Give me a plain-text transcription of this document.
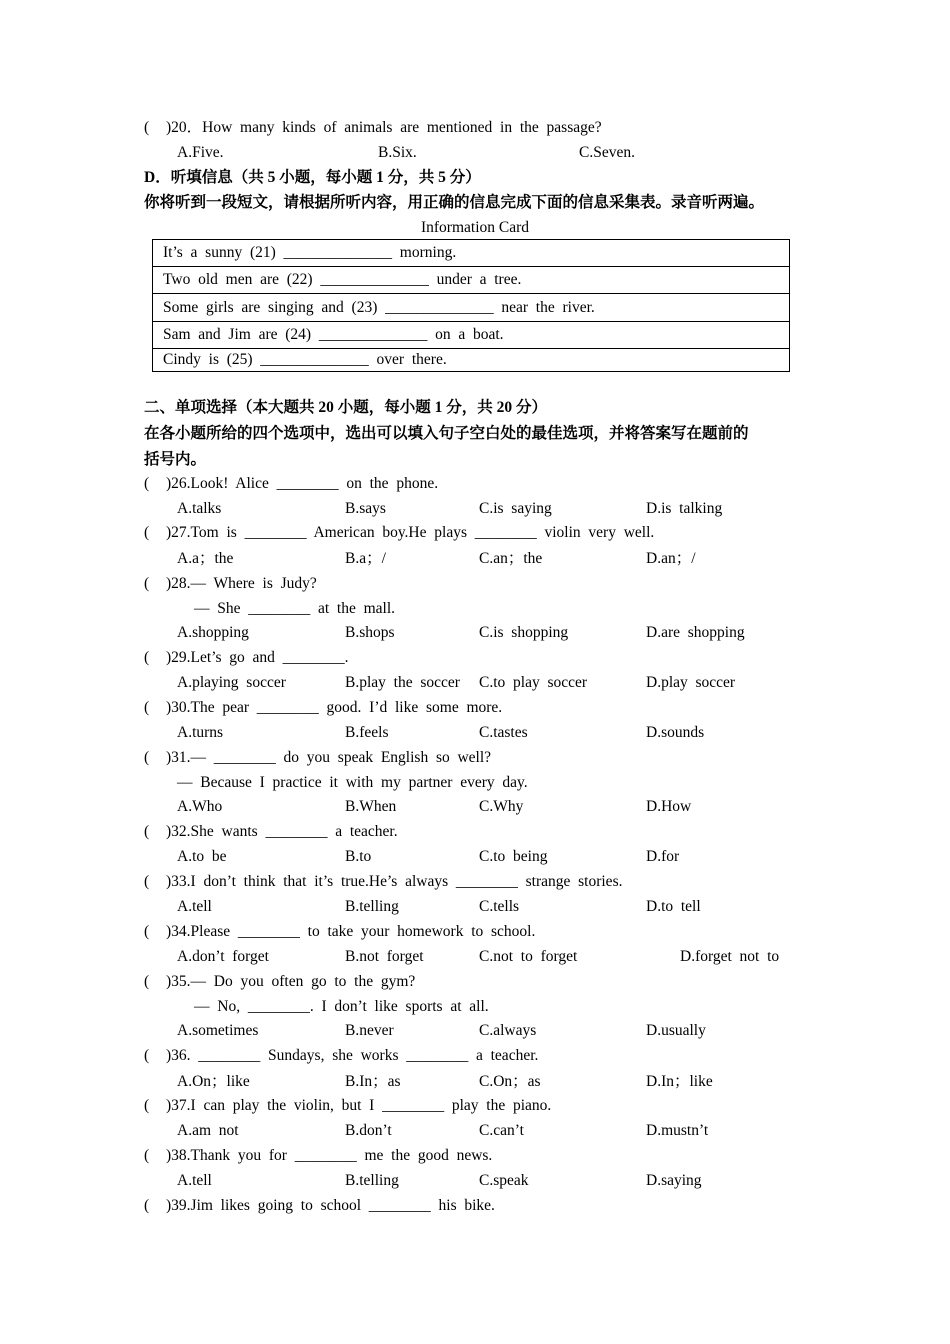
( )20．How  many  kinds  of  animals  are  mentioned  in  the  passage?
A.Five.	B.Six.	C.Seven.
D．听填信息（共 5 小题，每小题 1 分，共 5 分）
你将听到一段短文，请根据所听内容，用正确的信息完成下面的信息采集表。录音听两遍。
Information Card
It’s  a  sunny  (21)  ______________  morning.
Two  old  men  are  (22)  ______________  under  a  tree.
Some  girls  are  singing  and  (23)  ______________  near  the  river.
Sam  and  Jim  are  (24)  ______________  on  a  boat.
Cindy  is  (25)  ______________  over  there.
二、单项选择（本大题共 20 小题，每小题 1 分，共 20 分）
在各小题所给的四个选项中，选出可以填入句子空白处的最佳选项，并将答案写在题前的
括号内。
( )26.Look!  Alice  ________  on  the  phone.
A.talks	B.says	C.is  saying	D.is  talking
( )27.Tom  is  ________  American  boy.He  plays  ________  violin  very  well.
A.a；the	B.a；/	C.an；the	D.an；/
( )28.—  Where  is  Judy?
—  She  ________  at  the  mall.
A.shopping	B.shops	C.is  shopping	D.are  shopping
( )29.Let’s  go  and  ________.
A.playing  soccer	B.play  the  soccer C.to  play  soccer	D.play  soccer
( )30.The  pear  ________  good.  I’d  like  some  more.
A.turns	B.feels	C.tastes	D.sounds
( )31.—  ________  do  you  speak  English  so  well?
—  Because  I  practice  it  with  my  partner  every  day.
A.Who	B.When	C.Why	D.How
( )32.She  wants  ________  a  teacher.
A.to  be	B.to	C.to  being	D.for
( )33.I  don’t  think  that  it’s  true.He’s  always  ________  strange  stories.
A.tell	B.telling	C.tells	D.to  tell
( )34.Please  ________  to  take  your  homework  to  school.
A.don’t  forget	B.not  forget	C.not  to  forget	D.forget  not  to
( )35.—  Do  you  often  go  to  the  gym?
—  No,  ________.  I  don’t  like  sports  at  all.
A.sometimes	B.never	C.always	D.usually
( )36.  ________  Sundays,  she  works  ________  a  teacher.
A.On；like	B.In；as	C.On；as	D.In；like
( )37.I  can  play  the  violin,  but  I  ________  play  the  piano.
A.am  not	B.don’t	C.can’t	D.mustn’t
( )38.Thank  you  for  ________  me  the  good  news.
A.tell	B.telling	C.speak	D.saying
( )39.Jim  likes  going  to  school  ________  his  bike.
